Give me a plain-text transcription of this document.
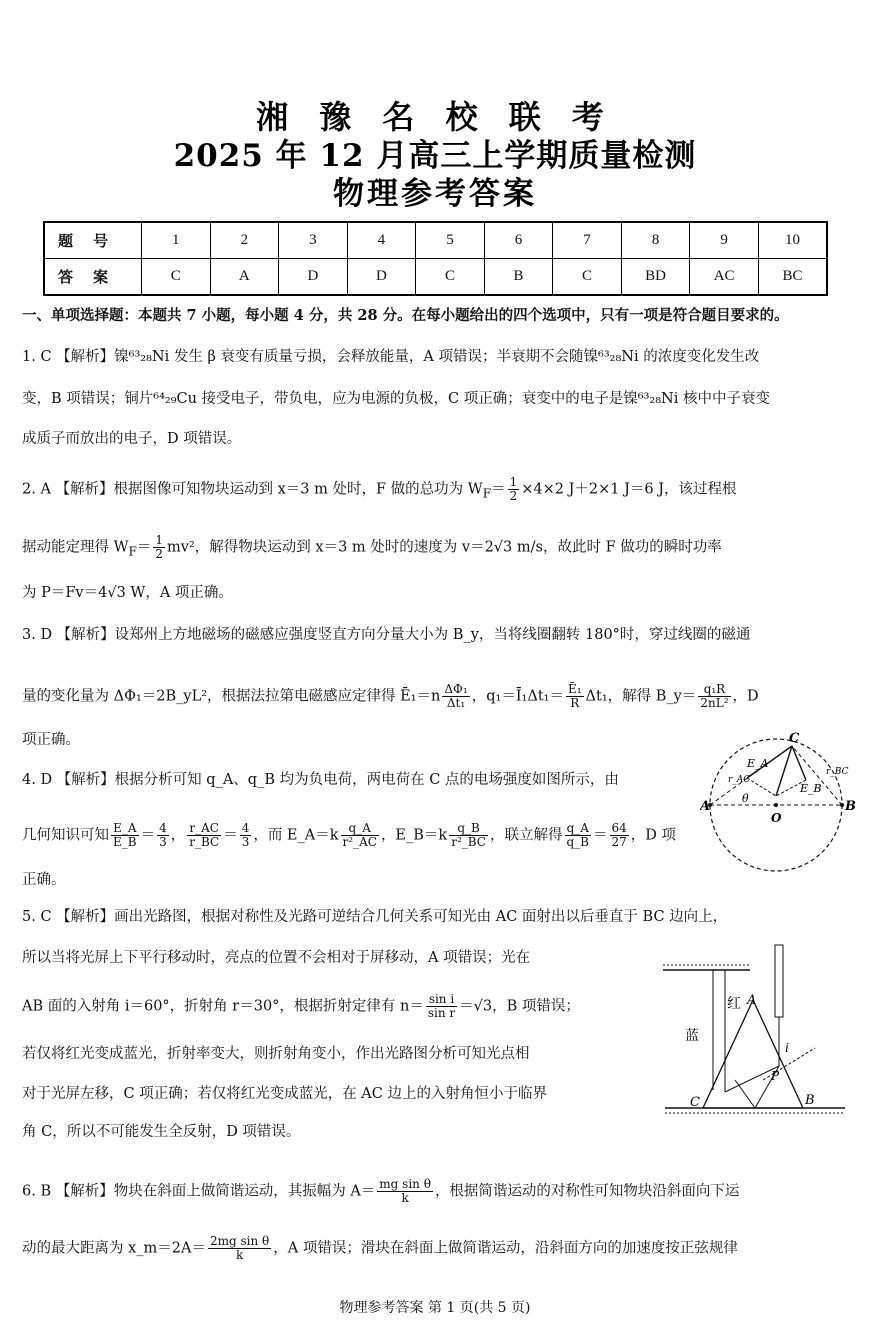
湘 豫 名 校 联 考
2025 年 12 月高三上学期质量检测
物理参考答案
题号	1	2	3	4	5	6	7	8	9	10
答案	C	A	D	D	C	B	C	BD	AC	BC
一、单项选择题：本题共 7 小题，每小题 4 分，共 28 分。在每小题给出的四个选项中，只有一项是符合题目要求的。
1. C 【解析】镍⁶³₂₈Ni 发生 β 衰变有质量亏损，会释放能量，A 项错误；半衰期不会随镍⁶³₂₈Ni 的浓度变化发生改
变，B 项错误；铜片⁶⁴₂₉Cu 接受电子，带负电，应为电源的负极，C 项正确；衰变中的电子是镍⁶³₂₈Ni 核中中子衰变
成质子而放出的电子，D 项错误。
2. A 【解析】根据图像可知物块运动到 x＝3 m 处时，F 做的总功为 $W_F= \frac{1}{2} \times 4\times 2$ J＋2×1 J＝6 J，该过程根
据动能定理得 $W_F= \frac{1}{2} mv^2$，解得物块运动到 x＝3 m 处时的速度为 v＝2√3 m/s，故此时 F 做功的瞬时功率
为 P＝Fv＝4√3 W，A 项正确。
3. D 【解析】设郑州上方地磁场的磁感应强度竖直方向分量大小为 B_y，当将线圈翻转 180°时，穿过线圈的磁通
量的变化量为 ΔΦ₁＝2B_yL²，根据法拉第电磁感应定律得 Ē₁＝n $\frac{\text{ΔΦ₁}}{\text{Δt₁}}$ ，q₁＝Ī₁Δt₁＝ $\frac{\text{Ē₁}}{R} \Delta t_1$，解得 B_y＝ $\frac{\text{q₁R}}{\text{2nL²}}$ ，D
项正确。
4. D 【解析】根据分析可知 q_A、q_B 均为负电荷，两电荷在 C 点的电场强度如图所示，由
几何知识可知 $\frac{E\_A}{E\_B} = \frac{4}{3}$ ， $\frac{r\_AC}{r\_BC} = \frac{4}{3}$ ，而 E_A＝k $\frac{q\_A}{\text{r²\_AC}}$ ，E_B＝k $\frac{q\_B}{\text{r²\_BC}}$ ，联立解得 $\frac{q\_A}{q\_B} = \frac{64}{27}$ ，D 项
正确。
C
A	B
O
E_A
E_B
θ
r_AC
r_BC
5. C 【解析】画出光路图，根据对称性及光路可逆结合几何关系可知光由 AC 面射出以后垂直于 BC 边向上，
所以当将光屏上下平行移动时，亮点的位置不会相对于屏移动，A 项错误；光在
AB 面的入射角 i＝60°，折射角 r＝30°，根据折射定律有 $n= \frac{\text{sin i}}{\text{sin r}} =√3$，B 项错误；
若仅将红光变成蓝光，折射率变大，则折射角变小，作出光路图分析可知光点相
对于光屏左移，C 项正确；若仅将红光变成蓝光，在 AC 边上的入射角恒小于临界
角 C，所以不可能发生全反射，D 项错误。
蓝
红 A
B
C
P
i
6. B 【解析】物块在斜面上做简谐运动，其振幅为 $A= \frac{\text{mg sin θ}}{k}$ ，根据简谐运动的对称性可知物块沿斜面向下运
动的最大距离为 x_m＝2A＝ $\frac{\text{2mg sin θ}}{k}$ ，A 项错误；滑块在斜面上做简谐运动，沿斜面方向的加速度按正弦规律
物理参考答案 第 1 页(共 5 页)
